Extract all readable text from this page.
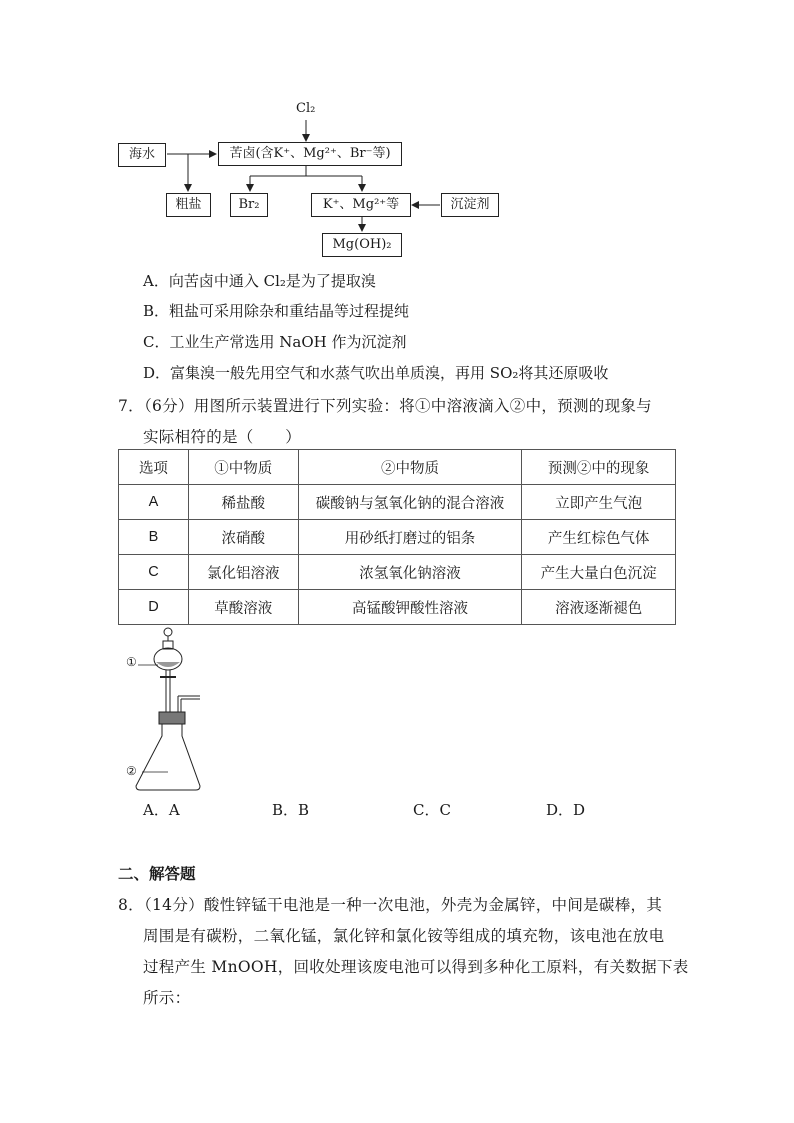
Cl₂
海水	苦卤(含K⁺、Mg²⁺、Br⁻等)
粗盐	Br₂	K⁺、Mg²⁺等	沉淀剂
Mg(OH)₂
A．向苦卤中通入 Cl₂是为了提取溴
B．粗盐可采用除杂和重结晶等过程提纯
C．工业生产常选用 NaOH 作为沉淀剂
D．富集溴一般先用空气和水蒸气吹出单质溴，再用 SO₂将其还原吸收
7．（6分）用图所示装置进行下列实验：将①中溶液滴入②中，预测的现象与
实际相符的是（　　）
选项	①中物质	②中物质	预测②中的现象
A	稀盐酸	碳酸钠与氢氧化钠的混合溶液	立即产生气泡
B	浓硝酸	用砂纸打磨过的铝条	产生红棕色气体
C	氯化铝溶液	浓氢氧化钠溶液	产生大量白色沉淀
D	草酸溶液	高锰酸钾酸性溶液	溶液逐渐褪色
①
②
A．A	B．B	C．C	D．D
二、解答题
8．（14分）酸性锌锰干电池是一种一次电池，外壳为金属锌，中间是碳棒，其
周围是有碳粉，二氧化锰，氯化锌和氯化铵等组成的填充物，该电池在放电
过程产生 MnOOH，回收处理该废电池可以得到多种化工原料，有关数据下表
所示：
